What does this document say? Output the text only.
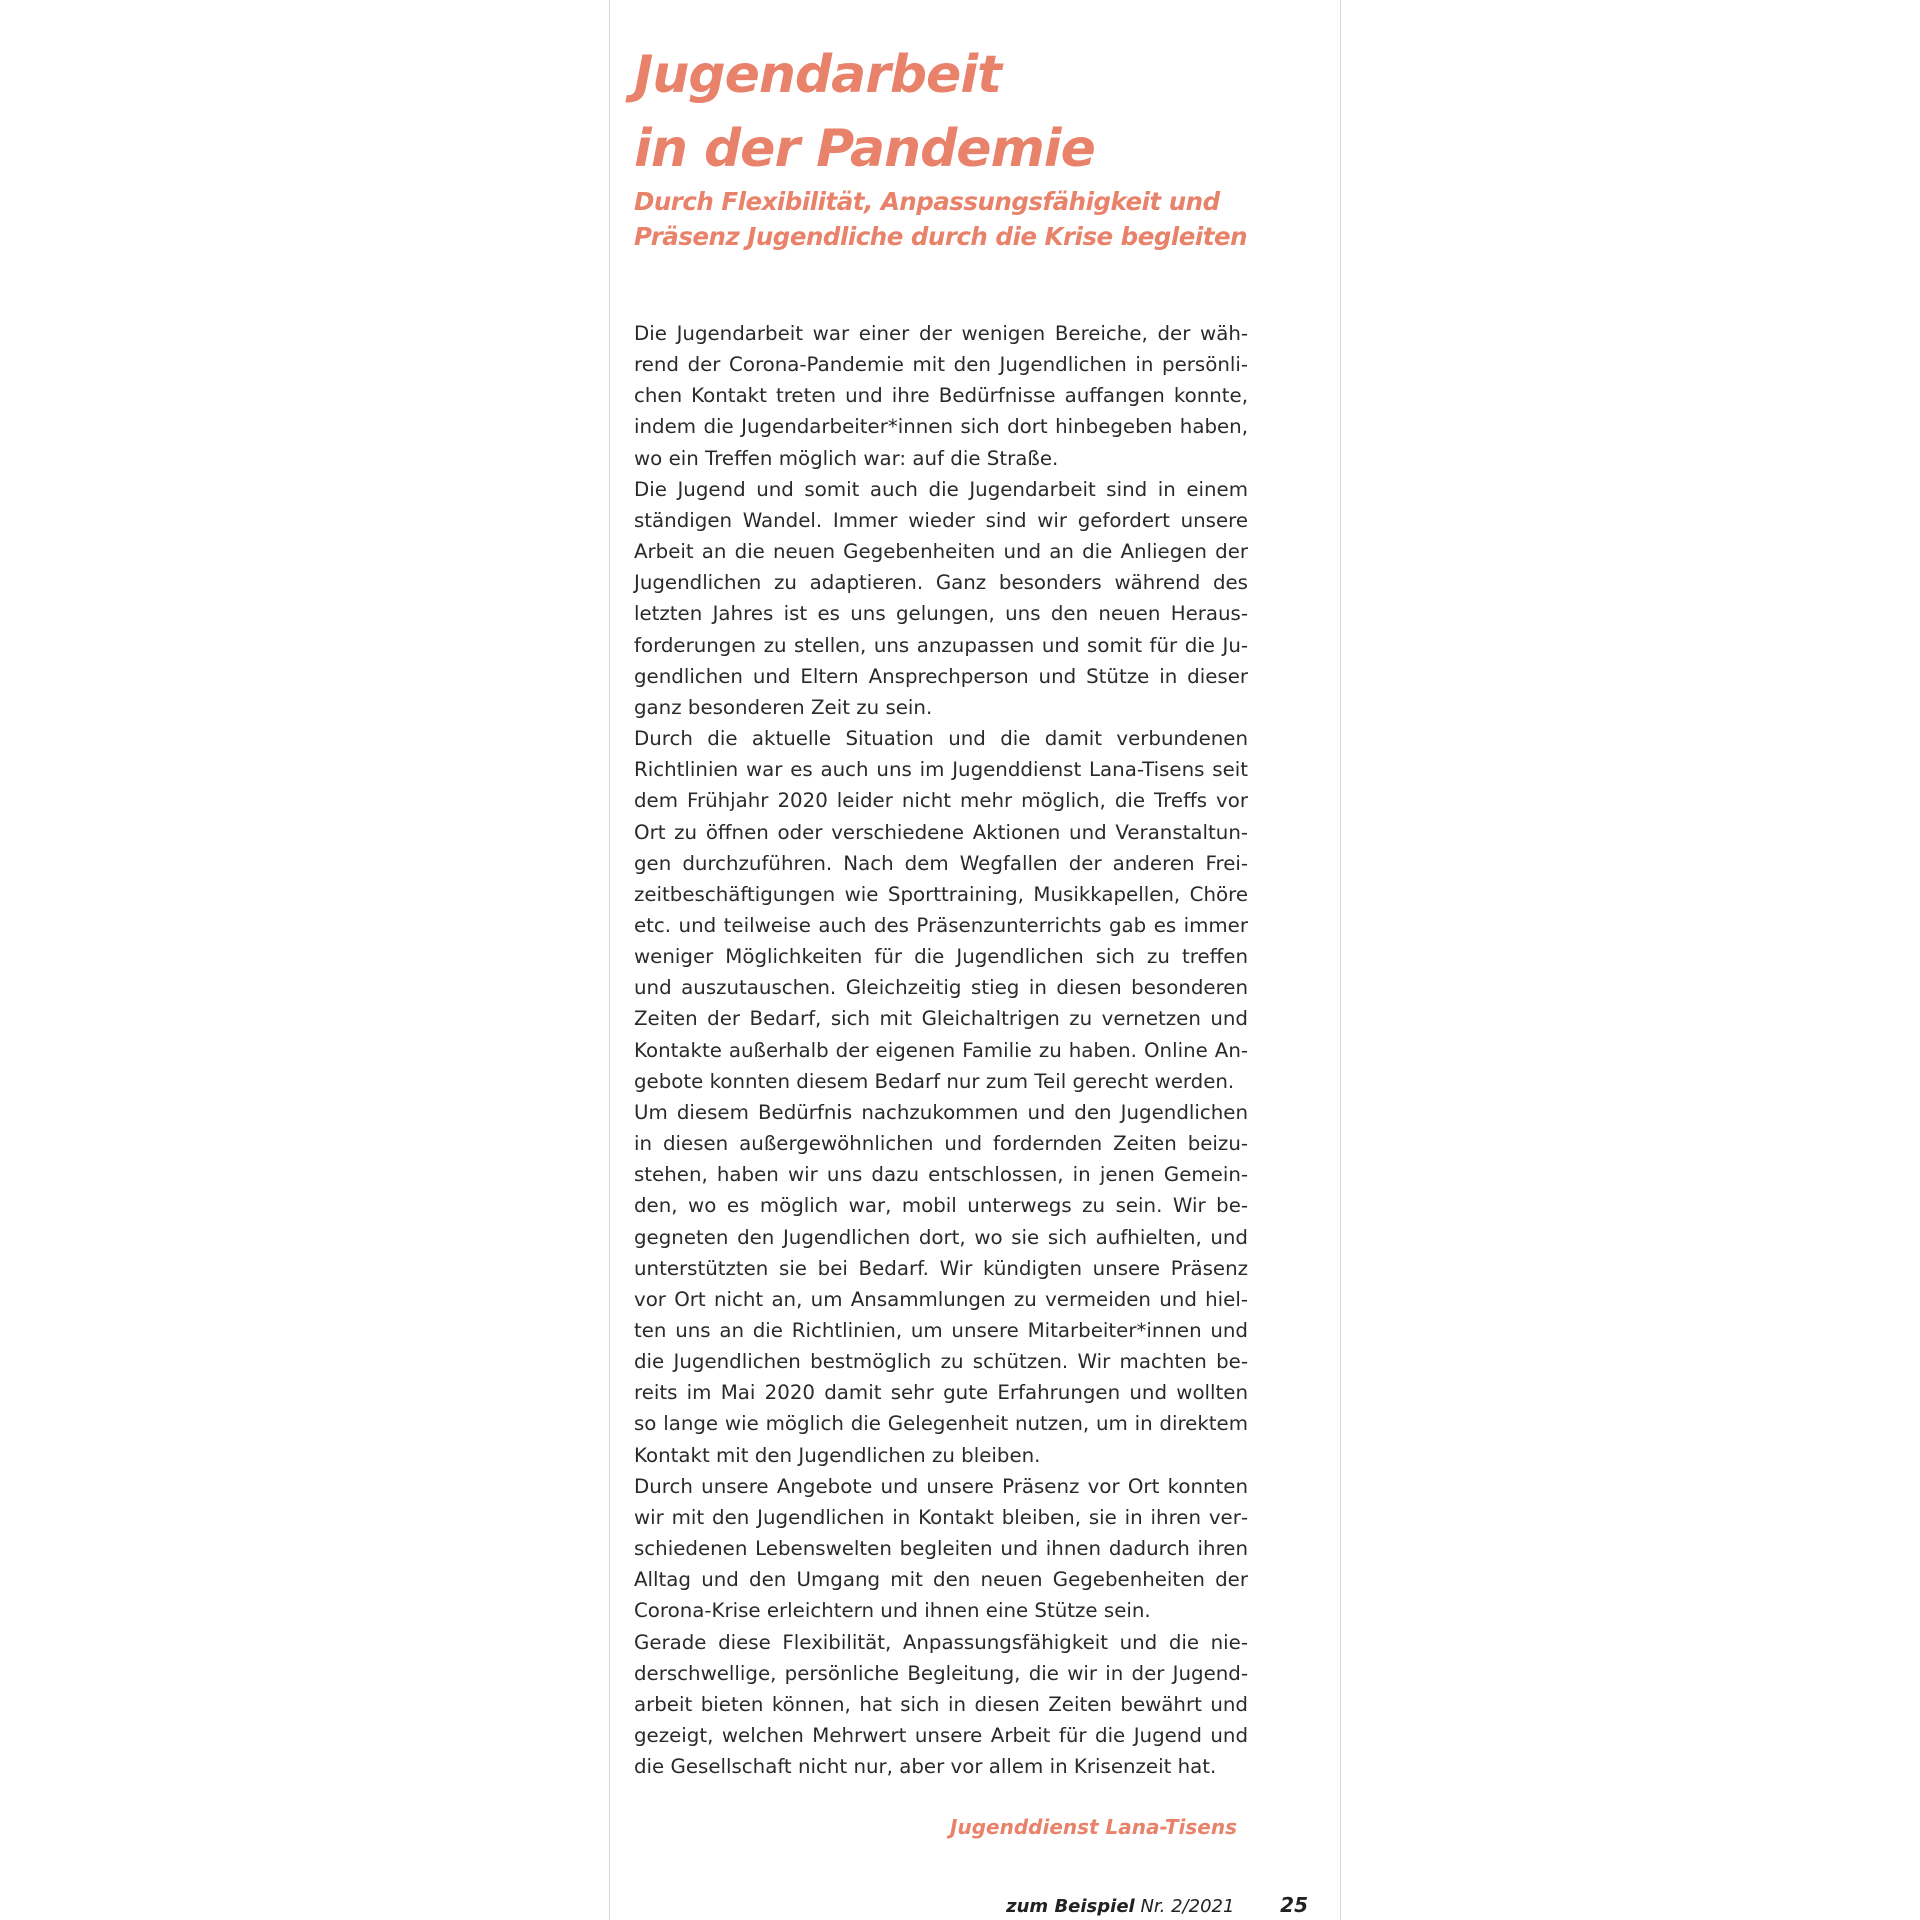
Jugendarbeit
in der Pandemie
Durch Flexibilität, Anpassungsfähigkeit und
Präsenz Jugendliche durch die Krise begleiten

Die Jugendarbeit war einer der wenigen Bereiche, der während der Corona-Pandemie mit den Jugendlichen in persönlichen Kontakt treten und ihre Bedürfnisse auffangen konnte, indem die Jugendarbeiter*innen sich dort hinbegeben haben, wo ein Treffen möglich war: auf die Straße.

Die Jugend und somit auch die Jugendarbeit sind in einem ständigen Wandel. Immer wieder sind wir gefordert unsere Arbeit an die neuen Gegebenheiten und an die Anliegen der Jugendlichen zu adaptieren. Ganz besonders während des letzten Jahres ist es uns gelungen, uns den neuen Herausforderungen zu stellen, uns anzupassen und somit für die Jugendlichen und Eltern Ansprechperson und Stütze in dieser ganz besonderen Zeit zu sein.

Durch die aktuelle Situation und die damit verbundenen Richtlinien war es auch uns im Jugenddienst Lana-Tisens seit dem Frühjahr 2020 leider nicht mehr möglich, die Treffs vor Ort zu öffnen oder verschiedene Aktionen und Veranstaltungen durchzuführen. Nach dem Wegfallen der anderen Freizeitbeschäftigungen wie Sporttraining, Musikkapellen, Chöre etc. und teilweise auch des Präsenzunterrichts gab es immer weniger Möglichkeiten für die Jugendlichen sich zu treffen und auszutauschen. Gleichzeitig stieg in diesen besonderen Zeiten der Bedarf, sich mit Gleichaltrigen zu vernetzen und Kontakte außerhalb der eigenen Familie zu haben. Online Angebote konnten diesem Bedarf nur zum Teil gerecht werden.

Um diesem Bedürfnis nachzukommen und den Jugendlichen in diesen außergewöhnlichen und fordernden Zeiten beizustehen, haben wir uns dazu entschlossen, in jenen Gemeinden, wo es möglich war, mobil unterwegs zu sein. Wir begegneten den Jugendlichen dort, wo sie sich aufhielten, und unterstützten sie bei Bedarf. Wir kündigten unsere Präsenz vor Ort nicht an, um Ansammlungen zu vermeiden und hielten uns an die Richtlinien, um unsere Mitarbeiter*innen und die Jugendlichen bestmöglich zu schützen. Wir machten bereits im Mai 2020 damit sehr gute Erfahrungen und wollten so lange wie möglich die Gelegenheit nutzen, um in direktem Kontakt mit den Jugendlichen zu bleiben.

Durch unsere Angebote und unsere Präsenz vor Ort konnten wir mit den Jugendlichen in Kontakt bleiben, sie in ihren verschiedenen Lebenswelten begleiten und ihnen dadurch ihren Alltag und den Umgang mit den neuen Gegebenheiten der Corona-Krise erleichtern und ihnen eine Stütze sein.

Gerade diese Flexibilität, Anpassungsfähigkeit und die niederschwellige, persönliche Begleitung, die wir in der Jugendarbeit bieten können, hat sich in diesen Zeiten bewährt und gezeigt, welchen Mehrwert unsere Arbeit für die Jugend und die Gesellschaft nicht nur, aber vor allem in Krisenzeit hat.

Jugenddienst Lana-Tisens

zum Beispiel Nr. 2/2021 25
